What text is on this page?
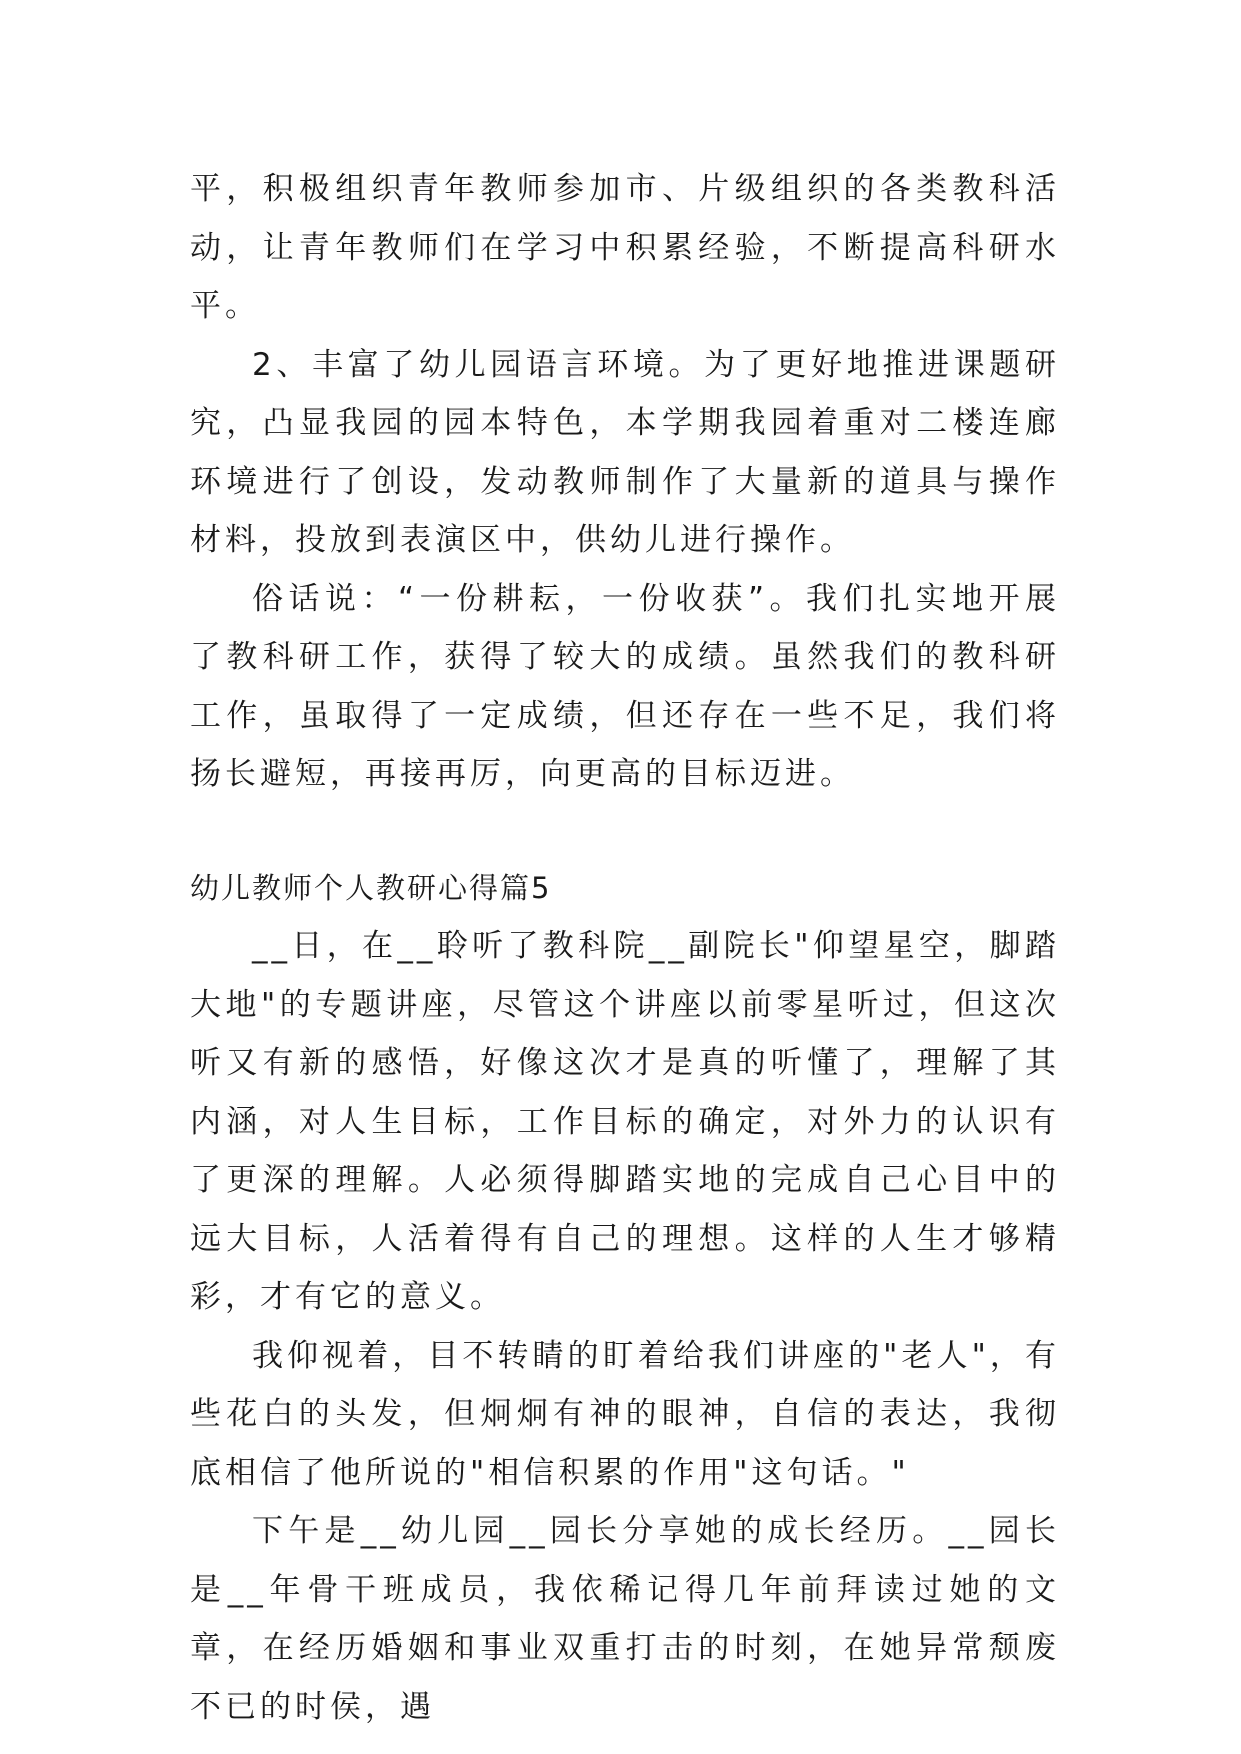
平，积极组织青年教师参加市、片级组织的各类教科活动，让青年教师们在学习中积累经验，不断提高科研水平。

2、丰富了幼儿园语言环境。为了更好地推进课题研究，凸显我园的园本特色，本学期我园着重对二楼连廊环境进行了创设，发动教师制作了大量新的道具与操作材料，投放到表演区中，供幼儿进行操作。

俗话说：“一份耕耘，一份收获”。我们扎实地开展了教科研工作，获得了较大的成绩。虽然我们的教科研工作，虽取得了一定成绩，但还存在一些不足，我们将扬长避短，再接再厉，向更高的目标迈进。

幼儿教师个人教研心得篇5

__日，在__聆听了教科院__副院长"仰望星空，脚踏大地"的专题讲座，尽管这个讲座以前零星听过，但这次听又有新的感悟，好像这次才是真的听懂了，理解了其内涵，对人生目标，工作目标的确定，对外力的认识有了更深的理解。人必须得脚踏实地的完成自己心目中的远大目标，人活着得有自己的理想。这样的人生才够精彩，才有它的意义。

我仰视着，目不转睛的盯着给我们讲座的"老人"，有些花白的头发，但炯炯有神的眼神，自信的表达，我彻底相信了他所说的"相信积累的作用"这句话。"

下午是__幼儿园__园长分享她的成长经历。__园长是__年骨干班成员，我依稀记得几年前拜读过她的文章，在经历婚姻和事业双重打击的时刻，在她异常颓废不已的时侯，遇
